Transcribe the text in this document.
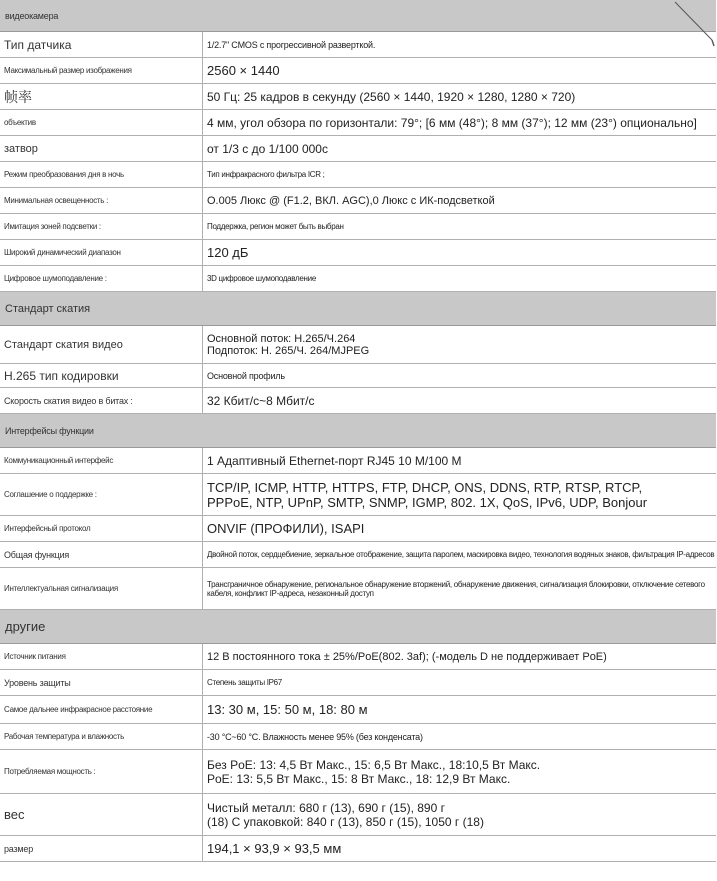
видеокамера
Тип датчика	1/2.7" CMOS с прогрессивной разверткой.
Максимальный размер изображения	2560 × 1440
帧率	50 Гц: 25 кадров в секунду (2560 × 1440, 1920 × 1280, 1280 × 720)
объектив	4 мм, угол обзора по горизонтали: 79°; [6 мм (48°); 8 мм (37°); 12 мм (23°) опционально]
затвор	от 1/3 с до 1/100 000с
Режим преобразования дня в ночь	Тип инфракрасного фильтра ICR ;
Минимальная освещенность :	О.005 Люкс @ (F1.2, ВКЛ. AGC),0 Люкс с ИК-подсветкой
Имитация зоней подсветки :	Поддержка, регион может быть выбран
Широкий динамический диапазон	120 дБ
Цифровое шумоподавление :	3D цифровое шумоподавление
Стандарт скатия
Стандарт скатия видео	Основной поток: H.265/Ч.264
Подпоток: Н. 265/Ч. 264/MJPEG
H.265 тип кодировки	Основной профиль
Скорость скатия видео в битах :	32 Кбит/с~8 Мбит/с
Интерфейсы функции
Коммуникационный интерфейс	1 Адаптивный Ethernet-порт RJ45 10 M/100 M
Соглашение о поддержке :	TCP/IP, ICMP, HTTP, HTTPS, FTP, DHCP, ONS, DDNS, RTP, RTSP, RTCP,
PPPoE, NTP, UPnP, SMTP, SNMP, IGMP, 802. 1X, QoS, IPv6, UDP, Bonjour
Интерфейсный протокол	ONVIF (ПРОФИЛИ), ISAPI
Общая функция	Двойной поток, сердцебиение, зеркальное отображение, защита паролем, маскировка видео, технология водяных знаков, фильтрация IP-адресов
Интеллектуальная сигнализация	Трансграничное обнаружение, региональное обнаружение вторжений, обнаружение движения, сигнализация блокировки, отключение сетевого кабеля, конфликт IP-адреса, незаконный доступ
другие
Источник питания	12 В постоянного тока ± 25%/PoE(802. 3af); (-модель D не поддерживает PoE)
Уровень защиты	Степень защиты IP67
Самое дальнее инфракрасное расстояние	13: 30 м, 15: 50 м, 18: 80 м
Рабочая температура и влажность	-30 °C~60 °C. Влажность менее 95% (без конденсата)
Потребляемая мощность :	Без PoE: 13: 4,5 Вт Макс., 15: 6,5 Вт Макс., 18:10,5 Вт Макс.
PoE: 13: 5,5 Вт Макс., 15: 8 Вт Макс., 18: 12,9 Вт Макс.
вес	Чистый металл: 680 г (13), 690 г (15), 890 г
(18) С упаковкой: 840 г (13), 850 г (15), 1050 г (18)
размер	194,1 × 93,9 × 93,5 мм
